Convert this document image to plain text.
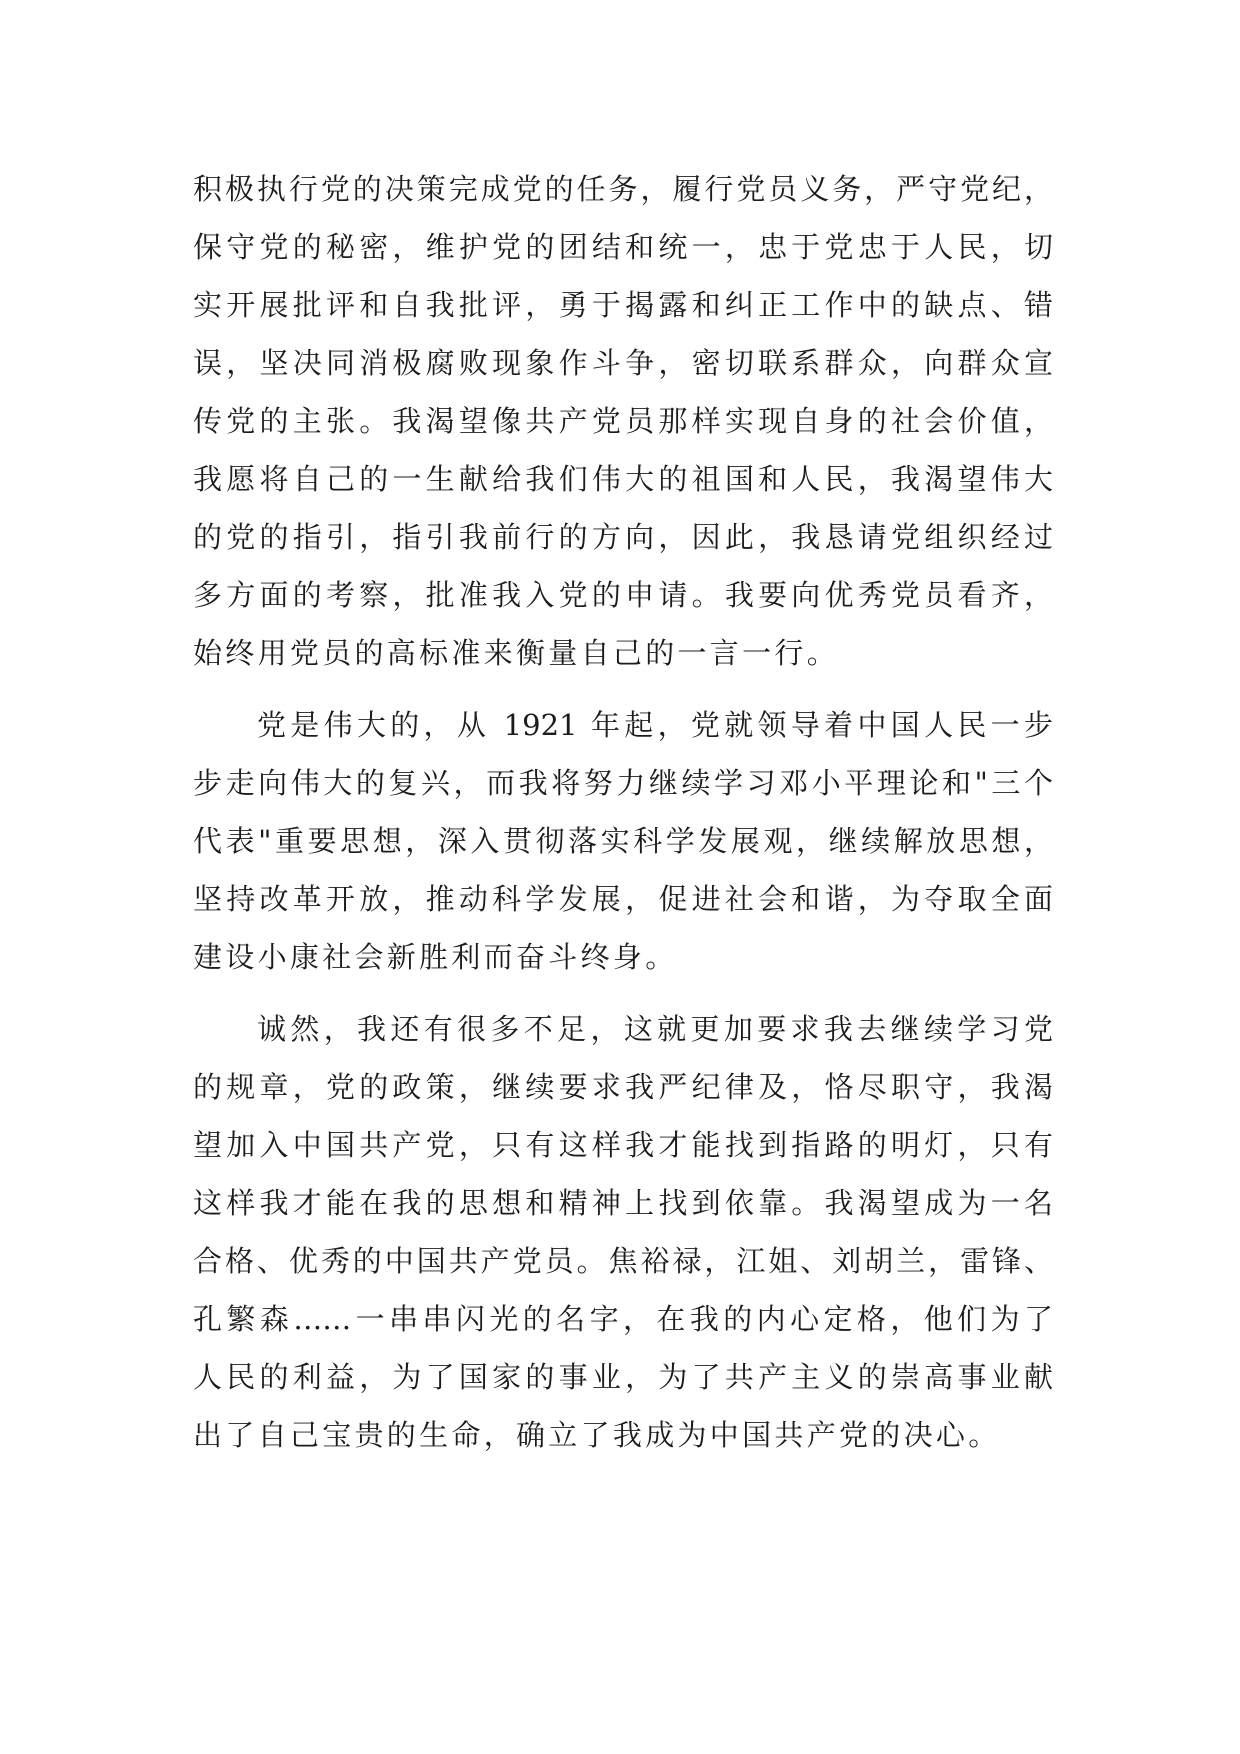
积极执行党的决策完成党的任务，履行党员义务，严守党纪，
保守党的秘密，维护党的团结和统一，忠于党忠于人民，切
实开展批评和自我批评，勇于揭露和纠正工作中的缺点、错
误，坚决同消极腐败现象作斗争，密切联系群众，向群众宣
传党的主张。我渴望像共产党员那样实现自身的社会价值，
我愿将自己的一生献给我们伟大的祖国和人民，我渴望伟大
的党的指引，指引我前行的方向，因此，我恳请党组织经过
多方面的考察，批准我入党的申请。我要向优秀党员看齐，
始终用党员的高标准来衡量自己的一言一行。
党是伟大的，从 1921 年起，党就领导着中国人民一步
步走向伟大的复兴，而我将努力继续学习邓小平理论和"三个
代表"重要思想，深入贯彻落实科学发展观，继续解放思想，
坚持改革开放，推动科学发展，促进社会和谐，为夺取全面
建设小康社会新胜利而奋斗终身。
诚然，我还有很多不足，这就更加要求我去继续学习党
的规章，党的政策，继续要求我严纪律及，恪尽职守，我渴
望加入中国共产党，只有这样我才能找到指路的明灯，只有
这样我才能在我的思想和精神上找到依靠。我渴望成为一名
合格、优秀的中国共产党员。焦裕禄，江姐、刘胡兰，雷锋、
孔繁森……一串串闪光的名字，在我的内心定格，他们为了
人民的利益，为了国家的事业，为了共产主义的崇高事业献
出了自己宝贵的生命，确立了我成为中国共产党的决心。
